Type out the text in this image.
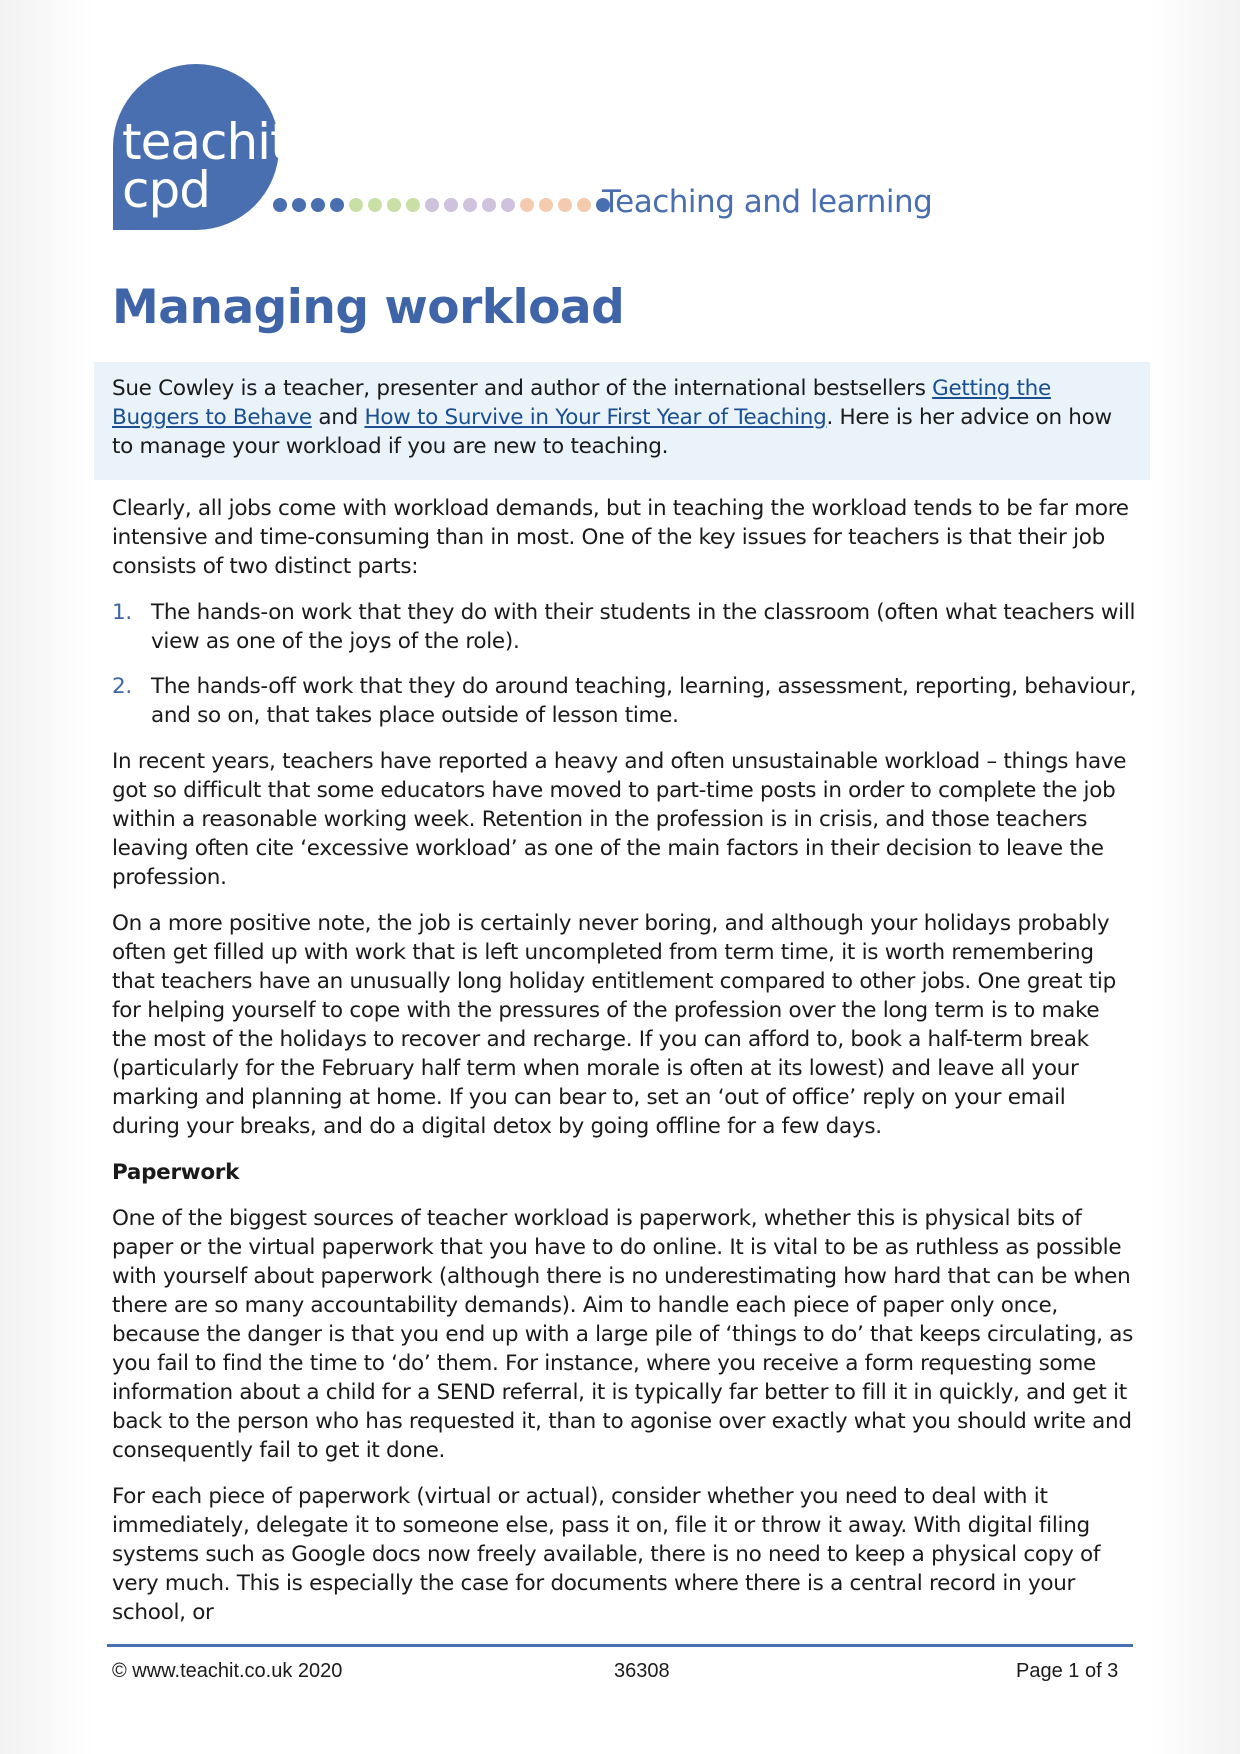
teachit
cpd	Teaching and learning
Managing workload

Sue Cowley is a teacher, presenter and author of the international bestsellers Getting the Buggers to Behave and How to Survive in Your First Year of Teaching. Here is her advice on how to manage your workload if you are new to teaching.

Clearly, all jobs come with workload demands, but in teaching the workload tends to be far more intensive and time-consuming than in most. One of the key issues for teachers is that their job consists of two distinct parts:

1. The hands-on work that they do with their students in the classroom (often what teachers will view as one of the joys of the role).
2. The hands-off work that they do around teaching, learning, assessment, reporting, behaviour, and so on, that takes place outside of lesson time.

In recent years, teachers have reported a heavy and often unsustainable workload – things have got so difficult that some educators have moved to part-time posts in order to complete the job within a reasonable working week. Retention in the profession is in crisis, and those teachers leaving often cite ‘excessive workload’ as one of the main factors in their decision to leave the profession.

On a more positive note, the job is certainly never boring, and although your holidays probably often get filled up with work that is left uncompleted from term time, it is worth remembering that teachers have an unusually long holiday entitlement compared to other jobs. One great tip for helping yourself to cope with the pressures of the profession over the long term is to make the most of the holidays to recover and recharge. If you can afford to, book a half-term break (particularly for the February half term when morale is often at its lowest) and leave all your marking and planning at home. If you can bear to, set an ‘out of office’ reply on your email during your breaks, and do a digital detox by going offline for a few days.

Paperwork

One of the biggest sources of teacher workload is paperwork, whether this is physical bits of paper or the virtual paperwork that you have to do online. It is vital to be as ruthless as possible with yourself about paperwork (although there is no underestimating how hard that can be when there are so many accountability demands). Aim to handle each piece of paper only once, because the danger is that you end up with a large pile of ‘things to do’ that keeps circulating, as you fail to find the time to ‘do’ them. For instance, where you receive a form requesting some information about a child for a SEND referral, it is typically far better to fill it in quickly, and get it back to the person who has requested it, than to agonise over exactly what you should write and consequently fail to get it done.

For each piece of paperwork (virtual or actual), consider whether you need to deal with it immediately, delegate it to someone else, pass it on, file it or throw it away. With digital filing systems such as Google docs now freely available, there is no need to keep a physical copy of very much. This is especially the case for documents where there is a central record in your school, or

© www.teachit.co.uk 2020	36308	Page 1 of 3
